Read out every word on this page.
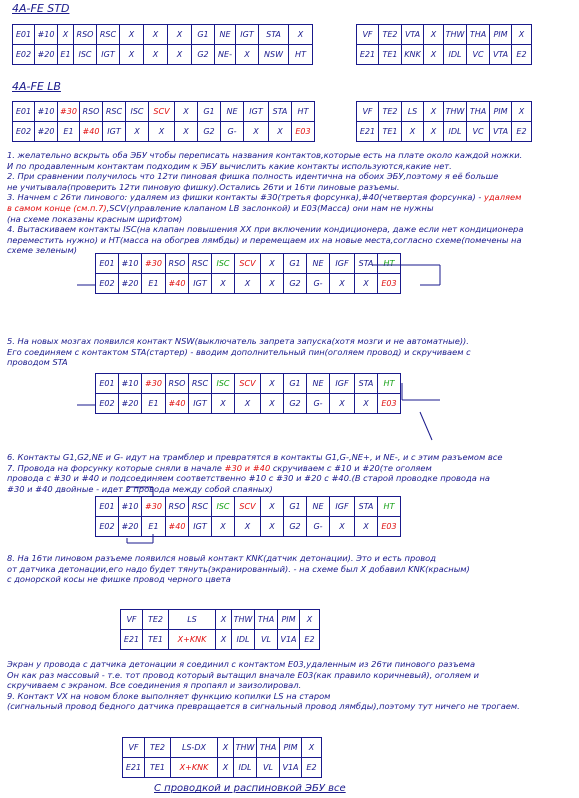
4A-FE STD
4A-FE LB
E01	#10	X	RSO	RSC	X	X	X	G1	NE	IGT	STA	X
E02	#20	E1	ISC	IGT	X	X	X	G2	NE-	X	NSW	HT
VF	TE2	VTA	X	THW	THA	PIM	X
E21	TE1	KNK	X	IDL	VC	VTA	E2
E01	#10	#30	RSO	RSC	ISC	SCV	X	G1	NE	IGT	STA	HT
E02	#20	E1	#40	IGT	X	X	X	G2	G-	X	X	E03
VF	TE2	LS	X	THW	THA	PIM	X
E21	TE1	X	X	IDL	VC	VTA	E2
1. желательно вскрыть оба ЭБУ чтобы переписать названия контактов,которые есть на плате около каждой ножки.
И по продавленным контактам подходим к ЭБУ вычислить какие контакты используются,какие нет.
2. При сравнении получилось что 12ти пиновая фишка полность идентична на обоих ЭБУ,поэтому я её больше
не учитывала(проверить 12ти пиновую фишку).Остались 26ти и 16ти пиновые разъемы.
3. Начнем с 26ти пинового: удаляем из фишки контакты #30(третья форсунка),#40(четвертая форсунка) - удаляем
в самом конце (см.п.7),SCV(управление клапаном LB заслонкой) и E03(Масса) они нам не нужны
(на схеме показаны красным шрифтом)
4. Вытаскиваем контакты ISC(на клапан повышения XX при включении кондиционера, даже если нет кондиционера
переместить нужно) и HT(масса на обогрев лямбды) и перемещаем их на новые места,согласно схеме(помечены на
схеме зеленым)
E01	#10	#30	RSO	RSC	ISC	SCV	X	G1	NE	IGF	STA	HT
E02	#20	E1	#40	IGT	X	X	X	G2	G-	X	X	E03
5. На новых мозгах появился контакт NSW(выключатель запрета запуска(хотя мозги и не автоматные)).
Его соединяем с контактом STA(стартер) - вводим дополнительный пин(оголяем провод) и скручиваем с
проводом STA
E01	#10	#30	RSO	RSC	ISC	SCV	X	G1	NE	IGF	STA	HT
E02	#20	E1	#40	IGT	X	X	X	G2	G-	X	X	E03
6. Контакты G1,G2,NE и G- идут на трамблер и превратятся в контакты G1,G-,NE+, и NE-, и с этим разъемом все
7. Провода на форсунку которые сняли в начале #30 и #40 скручиваем с #10 и #20(те оголяем
провода с #30 и #40 и подсоединяем соответственно #10 с #30 и #20 с #40.(В старой проводке провода на
#30 и #40 двойные - идет 2 провода между собой спаяных)
E01	#10	#30	RSO	RSC	ISC	SCV	X	G1	NE	IGF	STA	HT
E02	#20	E1	#40	IGT	X	X	X	G2	G-	X	X	E03
8. На 16ти пиновом разъеме появился новый контакт KNK(датчик детонации). Это и есть провод
от датчика детонации,его надо будет тянуть(экранированный). - на схеме был X добавил KNK(красным)
с донорской косы не фишке провод черного цвета
VF	TE2	LS	X	THW	THA	PIM	X
E21	TE1	X+KNK	X	IDL	VL	V1A	E2
Экран у провода с датчика детонации я соединил с контактом E03,удаленным из 26ти пинового разъема
Он как раз массовый - т.е. тот провод который вытащил вначале E03(как правило коричневый), оголяем и
скручиваем с экраном. Все соединения я пропаял и заизолировал.
9. Контакт VX на новом блоке выполняет функцию копилки LS на старом
(сигнальный провод бедного датчика превращается в сигнальный провод лямбды),поэтому тут ничего не трогаем.
VF	TE2	LS-DX	X	THW	THA	PIM	X
E21	TE1	X+KNK	X	IDL	VL	V1A	E2
С проводкой и распиновкой ЭБУ все
